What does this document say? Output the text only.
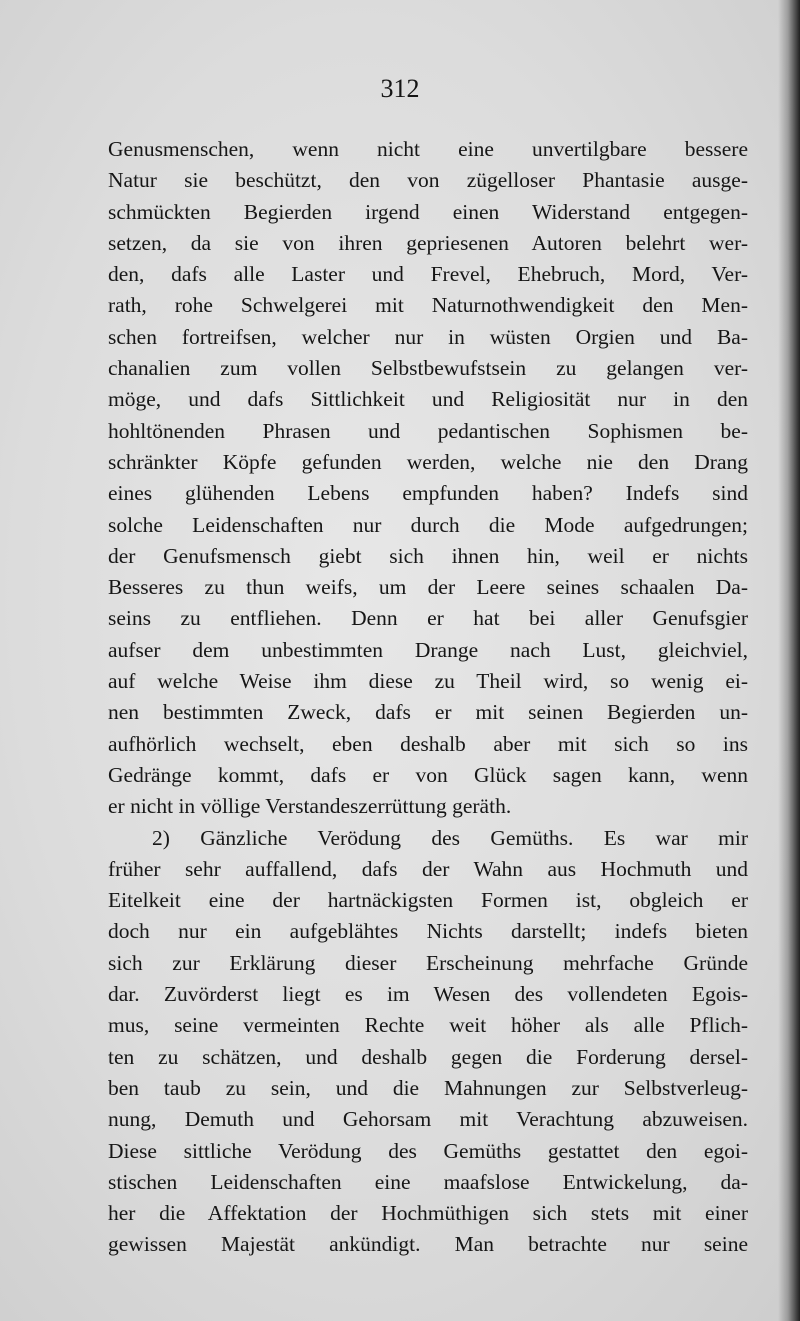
312
Genusmenschen, wenn nicht eine unvertilgbare bessere
Natur sie beschützt, den von zügelloser Phantasie ausge-
schmückten Begierden irgend einen Widerstand entgegen-
setzen, da sie von ihren gepriesenen Autoren belehrt wer-
den, dafs alle Laster und Frevel, Ehebruch, Mord, Ver-
rath, rohe Schwelgerei mit Naturnothwendigkeit den Men-
schen fortreifsen, welcher nur in wüsten Orgien und Ba-
chanalien zum vollen Selbstbewufstsein zu gelangen ver-
möge, und dafs Sittlichkeit und Religiosität nur in den
hohltönenden Phrasen und pedantischen Sophismen be-
schränkter Köpfe gefunden werden, welche nie den Drang
eines glühenden Lebens empfunden haben? Indefs sind
solche Leidenschaften nur durch die Mode aufgedrungen;
der Genufsmensch giebt sich ihnen hin, weil er nichts
Besseres zu thun weifs, um der Leere seines schaalen Da-
seins zu entfliehen. Denn er hat bei aller Genufsgier
aufser dem unbestimmten Drange nach Lust, gleichviel,
auf welche Weise ihm diese zu Theil wird, so wenig ei-
nen bestimmten Zweck, dafs er mit seinen Begierden un-
aufhörlich wechselt, eben deshalb aber mit sich so ins
Gedränge kommt, dafs er von Glück sagen kann, wenn
er nicht in völlige Verstandeszerrüttung geräth.
2) Gänzliche Verödung des Gemüths. Es war mir
früher sehr auffallend, dafs der Wahn aus Hochmuth und
Eitelkeit eine der hartnäckigsten Formen ist, obgleich er
doch nur ein aufgeblähtes Nichts darstellt; indefs bieten
sich zur Erklärung dieser Erscheinung mehrfache Gründe
dar. Zuvörderst liegt es im Wesen des vollendeten Egois-
mus, seine vermeinten Rechte weit höher als alle Pflich-
ten zu schätzen, und deshalb gegen die Forderung dersel-
ben taub zu sein, und die Mahnungen zur Selbstverleug-
nung, Demuth und Gehorsam mit Verachtung abzuweisen.
Diese sittliche Verödung des Gemüths gestattet den egoi-
stischen Leidenschaften eine maafslose Entwickelung, da-
her die Affektation der Hochmüthigen sich stets mit einer
gewissen Majestät ankündigt. Man betrachte nur seine
